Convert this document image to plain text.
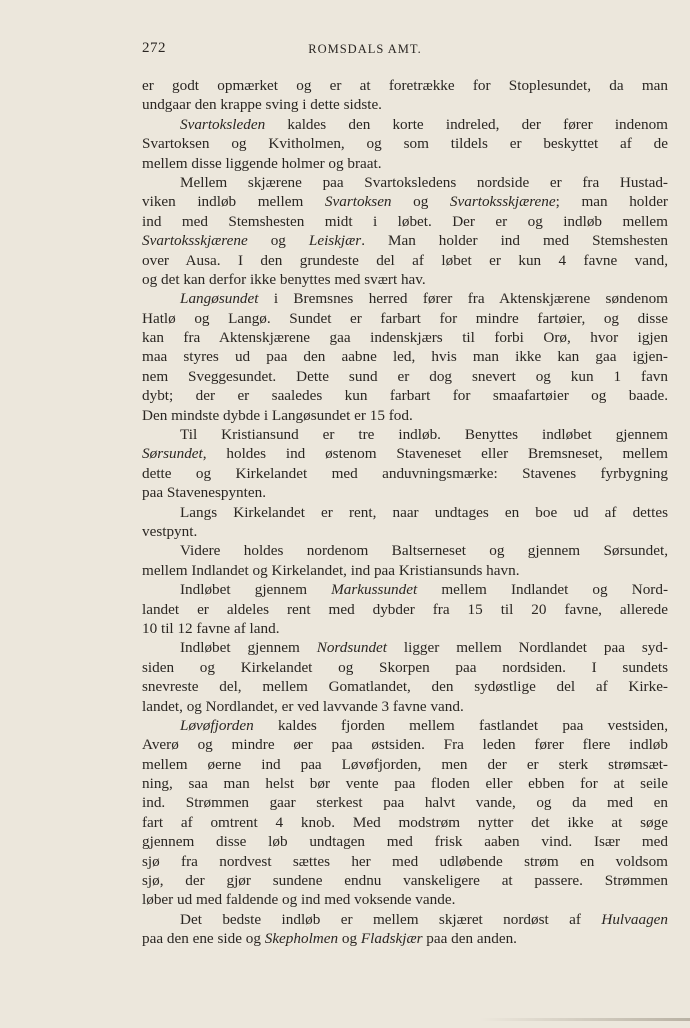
272	ROMSDALS AMT.
er godt opmærket og er at foretrække for Stoplesundet, da man
undgaar den krappe sving i dette sidste.
Svartoksleden kaldes den korte indreled, der fører indenom
Svartoksen og Kvitholmen, og som tildels er beskyttet af de
mellem disse liggende holmer og braat.
Mellem skjærene paa Svartoksledens nordside er fra Hustad-
viken indløb mellem Svartoksen og Svartoksskjærene; man holder
ind med Stemshesten midt i løbet. Der er og indløb mellem
Svartoksskjærene og Leiskjær. Man holder ind med Stemshesten
over Ausa. I den grundeste del af løbet er kun 4 favne vand,
og det kan derfor ikke benyttes med svært hav.
Langøsundet i Bremsnes herred fører fra Aktenskjærene søndenom
Hatlø og Langø. Sundet er farbart for mindre fartøier, og disse
kan fra Aktenskjærene gaa indenskjærs til forbi Orø, hvor igjen
maa styres ud paa den aabne led, hvis man ikke kan gaa igjen-
nem Sveggesundet. Dette sund er dog snevert og kun 1 favn
dybt; der er saaledes kun farbart for smaafartøier og baade.
Den mindste dybde i Langøsundet er 15 fod.
Til Kristiansund er tre indløb. Benyttes indløbet gjennem
Sørsundet, holdes ind østenom Staveneset eller Bremsneset, mellem
dette og Kirkelandet med anduvningsmærke: Stavenes fyrbygning
paa Stavenespynten.
Langs Kirkelandet er rent, naar undtages en boe ud af dettes
vestpynt.
Videre holdes nordenom Baltserneset og gjennem Sørsundet,
mellem Indlandet og Kirkelandet, ind paa Kristiansunds havn.
Indløbet gjennem Markussundet mellem Indlandet og Nord-
landet er aldeles rent med dybder fra 15 til 20 favne, allerede
10 til 12 favne af land.
Indløbet gjennem Nordsundet ligger mellem Nordlandet paa syd-
siden og Kirkelandet og Skorpen paa nordsiden. I sundets
snevreste del, mellem Gomatlandet, den sydøstlige del af Kirke-
landet, og Nordlandet, er ved lavvande 3 favne vand.
Løvøfjorden kaldes fjorden mellem fastlandet paa vestsiden,
Averø og mindre øer paa østsiden. Fra leden fører flere indløb
mellem øerne ind paa Løvøfjorden, men der er sterk strømsæt-
ning, saa man helst bør vente paa floden eller ebben for at seile
ind. Strømmen gaar sterkest paa halvt vande, og da med en
fart af omtrent 4 knob. Med modstrøm nytter det ikke at søge
gjennem disse løb undtagen med frisk aaben vind. Især med
sjø fra nordvest sættes her med udløbende strøm en voldsom
sjø, der gjør sundene endnu vanskeligere at passere. Strømmen
løber ud med faldende og ind med voksende vande.
Det bedste indløb er mellem skjæret nordøst af Hulvaagen
paa den ene side og Skepholmen og Fladskjær paa den anden.
